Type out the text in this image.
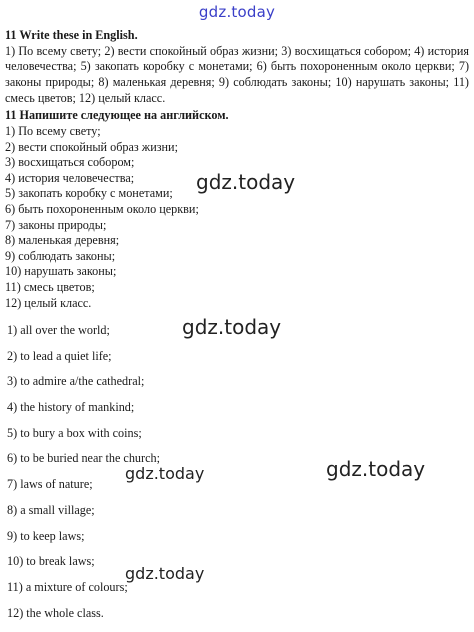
gdz.today
11 Write these in English.
1) По всему свету; 2) вести спокойный образ жизни; 3) восхищаться собором; 4) история человечества; 5) закопать коробку с монетами; 6) быть похороненным около церкви; 7) законы природы; 8) маленькая деревня; 9) соблюдать законы; 10) нарушать законы; 11) смесь цветов; 12) целый класс.
11 Напишите следующее на английском.
1) По всему свету;
2) вести спокойный образ жизни;
3) восхищаться собором;
4) история человечества;
5) закопать коробку с монетами;
6) быть похороненным около церкви;
7) законы природы;
8) маленькая деревня;
9) соблюдать законы;
10) нарушать законы;
11) смесь цветов;
12) целый класс.
1) all over the world;
2) to lead a quiet life;
3) to admire a/the cathedral;
4) the history of mankind;
5) to bury a box with coins;
6) to be buried near the church;
7) laws of nature;
8) a small village;
9) to keep laws;
10) to break laws;
11) a mixture of colours;
12) the whole class.
gdz.today
gdz.today
gdz.today
gdz.today
gdz.today
